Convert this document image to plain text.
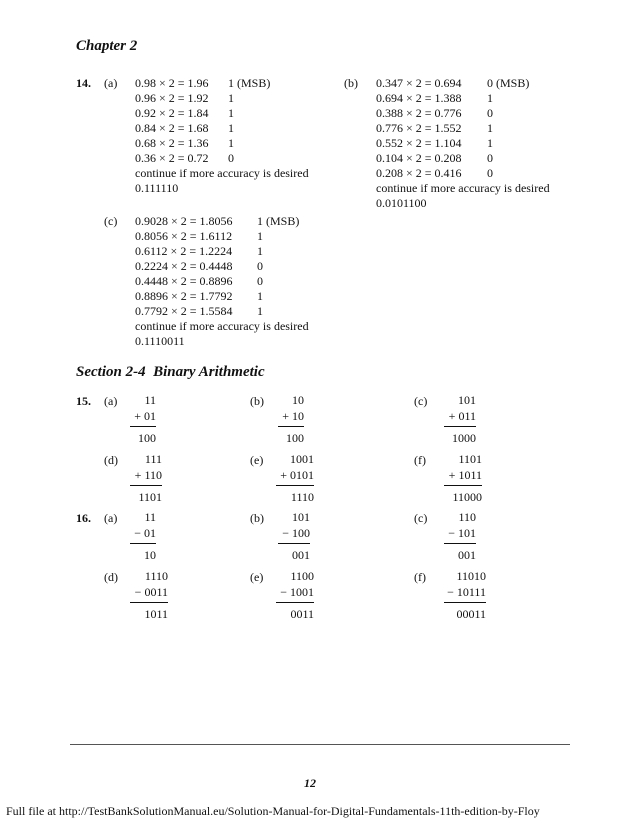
Chapter 2
14. (a) 0.98 × 2 = 1.96 1 (MSB)
0.96 × 2 = 1.92 1
0.92 × 2 = 1.84 1
0.84 × 2 = 1.68 1
0.68 × 2 = 1.36 1
0.36 × 2 = 0.72 0
continue if more accuracy is desired
0.111110
(b) 0.347 × 2 = 0.694 0 (MSB)
0.694 × 2 = 1.388 1
0.388 × 2 = 0.776 0
0.776 × 2 = 1.552 1
0.552 × 2 = 1.104 1
0.104 × 2 = 0.208 0
0.208 × 2 = 0.416 0
continue if more accuracy is desired
0.0101100
(c) 0.9028 × 2 = 1.8056 1 (MSB)
0.8056 × 2 = 1.6112 1
0.6112 × 2 = 1.2224 1
0.2224 × 2 = 0.4448 0
0.4448 × 2 = 0.8896 0
0.8896 × 2 = 1.7792 1
0.7792 × 2 = 1.5584 1
continue if more accuracy is desired
0.1110011
Section 2-4  Binary Arithmetic
15. (a)	11
+ 01
100
(b)	10
+ 10
100
(c)	101
+ 011
1000
(d)	111
+ 110
1101
(e)	1001
+ 0101
1110
(f)	1101
+ 1011
11000
16. (a)	11
− 01
10
(b)	101
− 100
001
(c)	110
− 101
001
(d)	1110
− 0011
1011
(e)	1100
− 1001
0011
(f)	11010
− 10111
00011
12
Full file at http://TestBankSolutionManual.eu/Solution-Manual-for-Digital-Fundamentals-11th-edition-by-Floy
